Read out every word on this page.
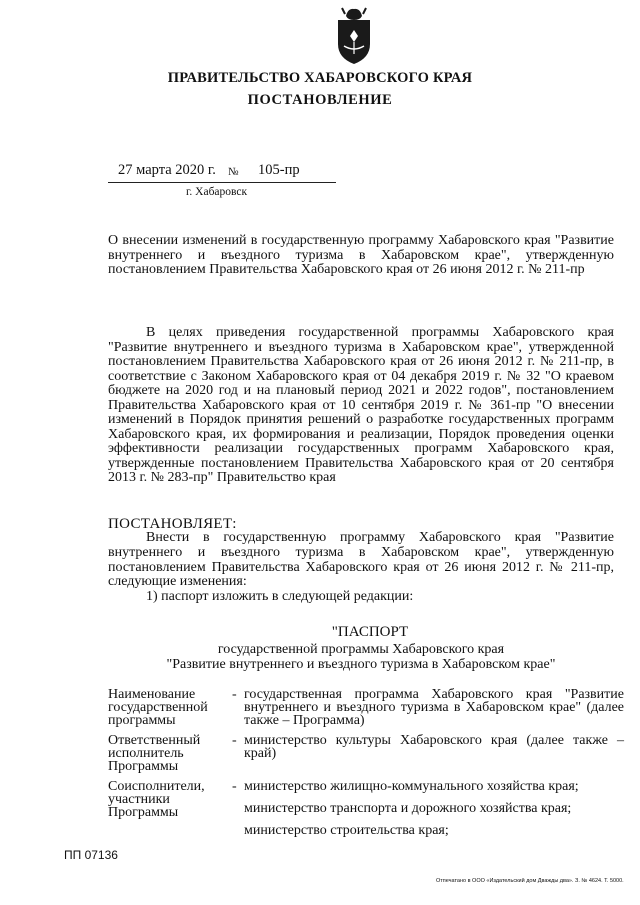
ПРАВИТЕЛЬСТВО ХАБАРОВСКОГО КРАЯ
ПОСТАНОВЛЕНИЕ
27 марта 2020 г. № 105-пр
г. Хабаровск
О внесении изменений в государственную программу Хабаровского края "Развитие внутреннего и въездного туризма в Хабаровском крае", утвержденную постановлением Правительства Хабаровского края от 26 июня 2012 г. № 211-пр

В целях приведения государственной программы Хабаровского края "Развитие внутреннего и въездного туризма в Хабаровском крае", утвержденной постановлением Правительства Хабаровского края от 26 июня 2012 г. № 211-пр, в соответствие с Законом Хабаровского края от 04 декабря 2019 г. № 32 "О краевом бюджете на 2020 год и на плановый период 2021 и 2022 годов", постановлением Правительства Хабаровского края от 10 сентября 2019 г. № 361-пр "О внесении изменений в Порядок принятия решений о разработке государственных программ Хабаровского края, их формирования и реализации, Порядок проведения оценки эффективности реализации государственных программ Хабаровского края, утвержденные постановлением Правительства Хабаровского края от 20 сентября 2013 г. № 283-пр" Правительство края

ПОСТАНОВЛЯЕТ:

Внести в государственную программу Хабаровского края "Развитие внутреннего и въездного туризма в Хабаровском крае", утвержденную постановлением Правительства Хабаровского края от 26 июня 2012 г. № 211-пр, следующие изменения:

1) паспорт изложить в следующей редакции:

"ПАСПОРТ
государственной программы Хабаровского края
"Развитие внутреннего и въездного туризма в Хабаровском крае"
Наименование государственной программы
- государственная программа Хабаровского края "Развитие внутреннего и въездного туризма в Хабаровском крае" (далее также – Программа)
Ответственный исполнитель Программы
- министерство культуры Хабаровского края (далее также – край)
Соисполнители, участники Программы
- министерство жилищно-коммунального хозяйства края;
министерство транспорта и дорожного хозяйства края;
министерство строительства края;
ПП 07136
Отпечатано в ООО «Издательский дом Дважды два». З. № 4624. Т. 5000.
